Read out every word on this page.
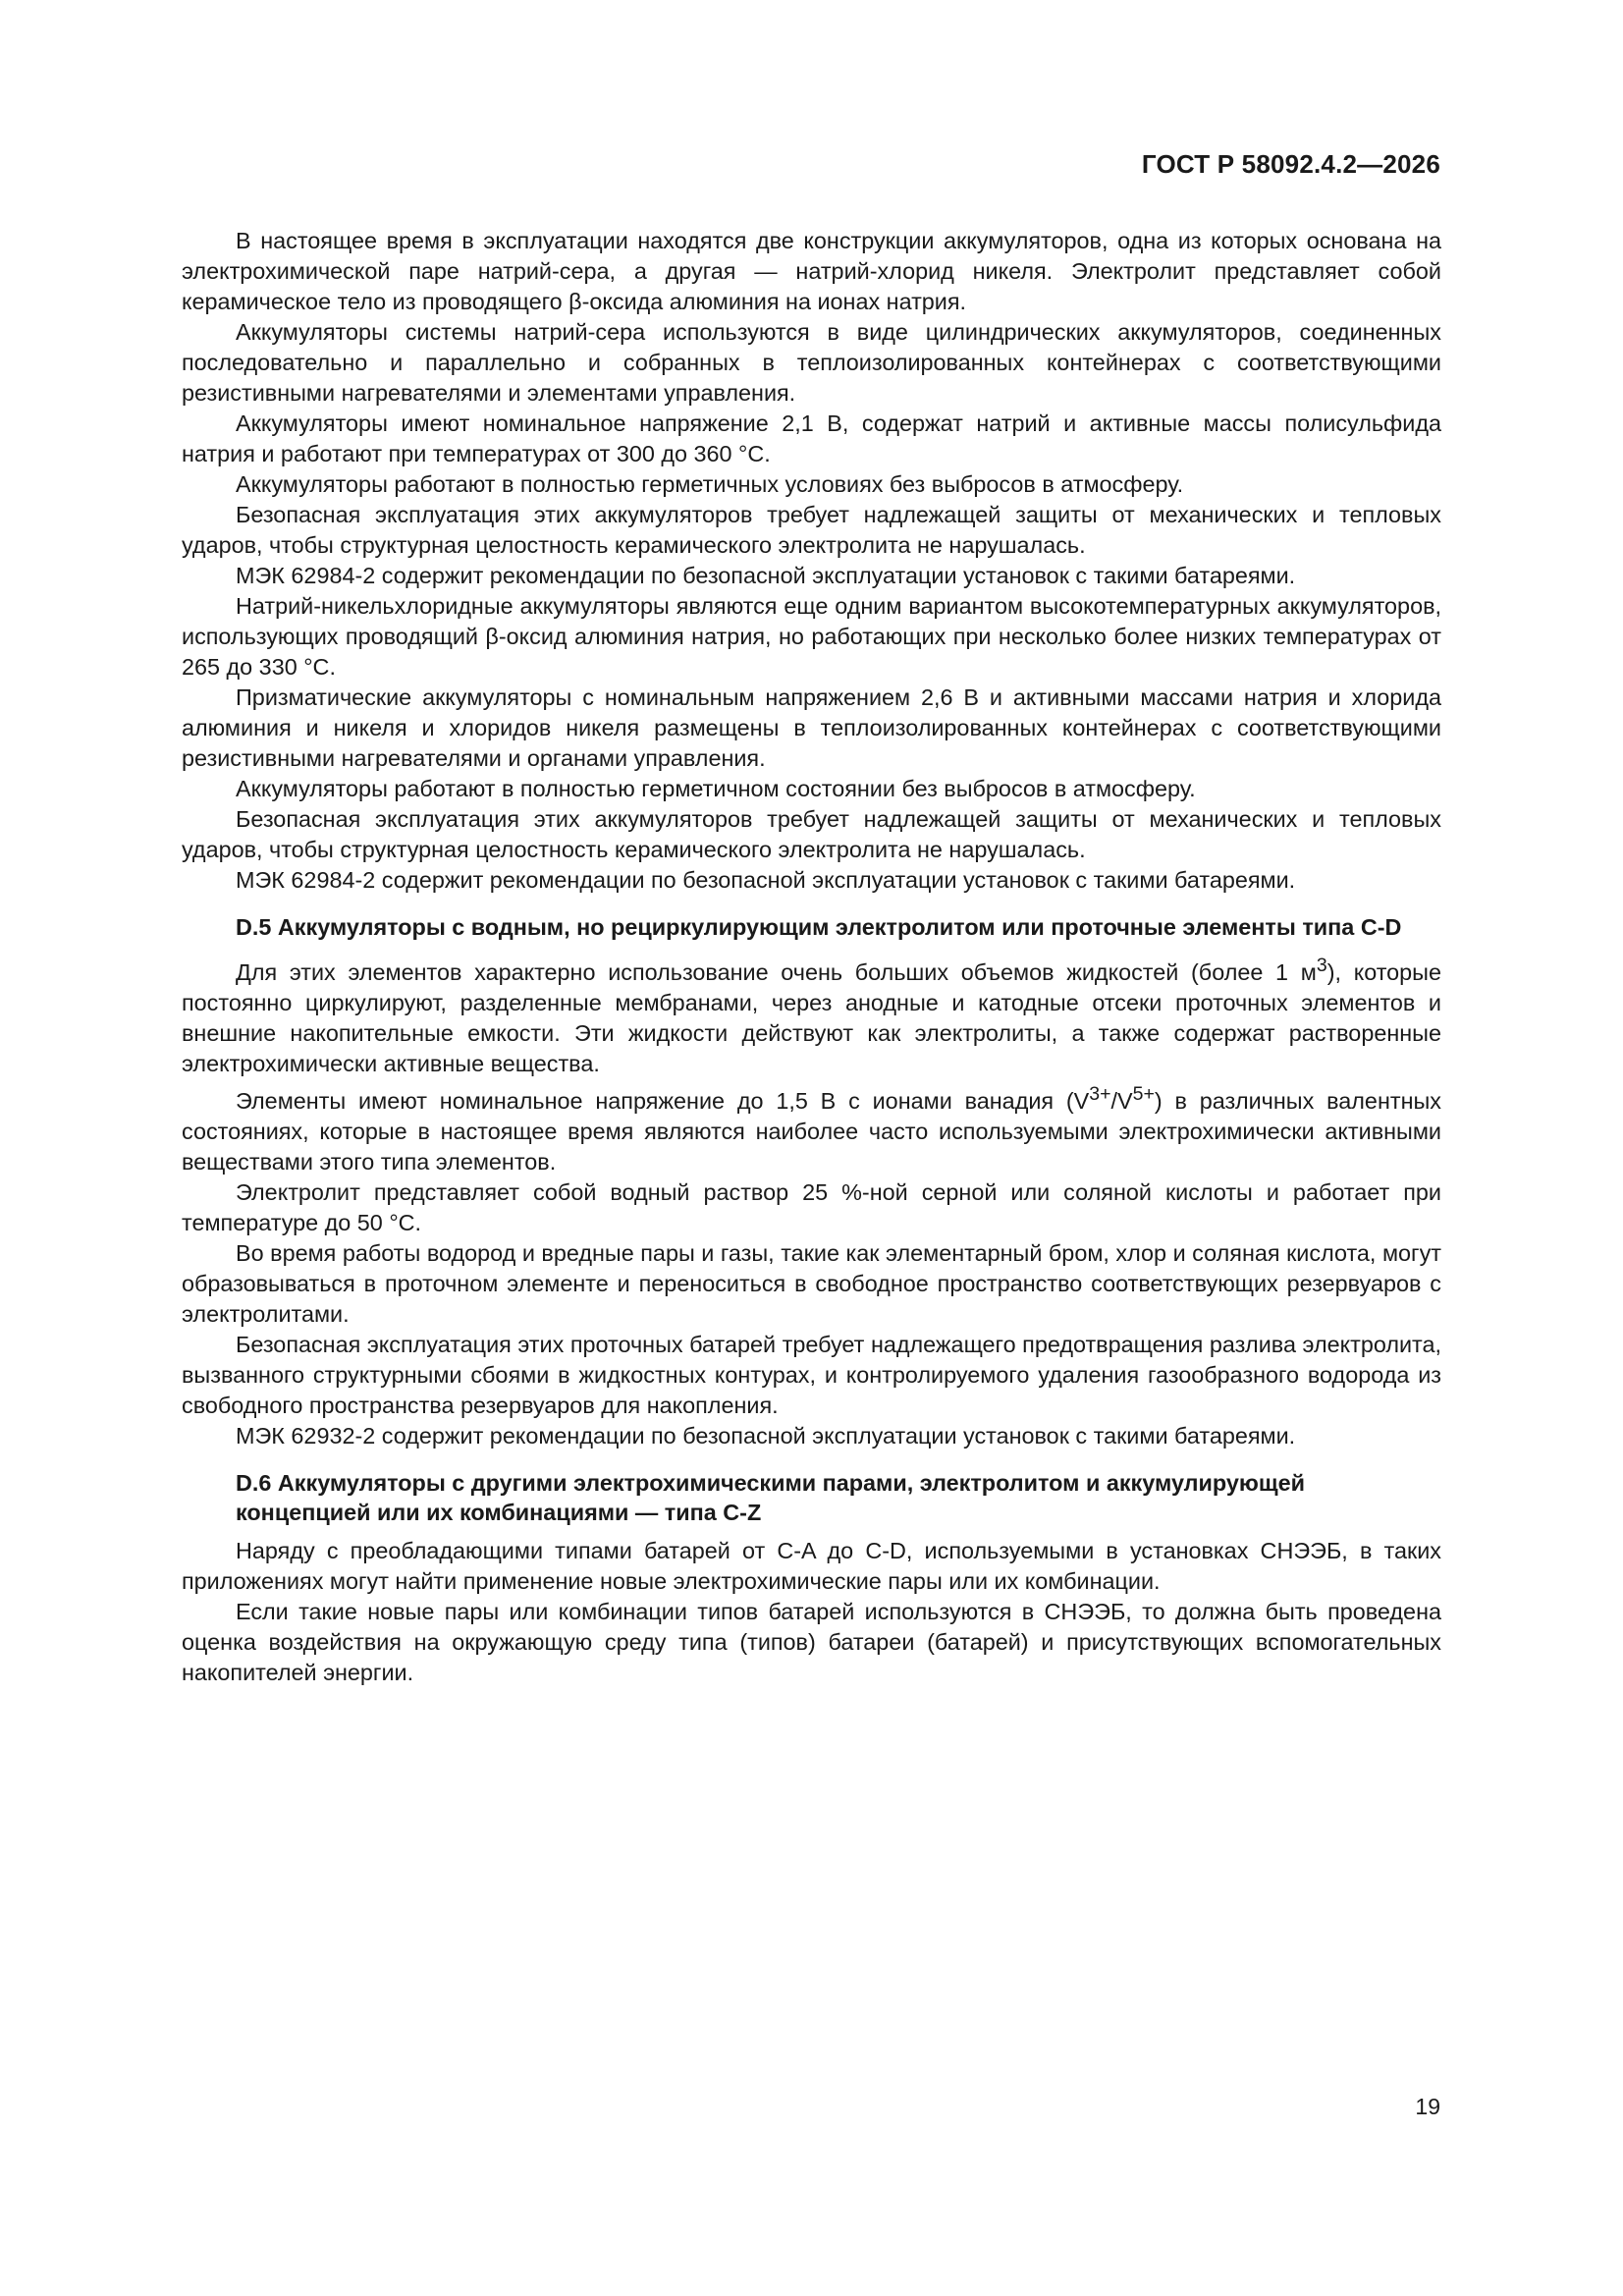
ГОСТ Р 58092.4.2—2026

В настоящее время в эксплуатации находятся две конструкции аккумуляторов, одна из которых основана на электрохимической паре натрий-сера, а другая — натрий-хлорид никеля. Электролит представляет собой керамическое тело из проводящего β-оксида алюминия на ионах натрия.

Аккумуляторы системы натрий-сера используются в виде цилиндрических аккумуляторов, соединенных последовательно и параллельно и собранных в теплоизолированных контейнерах с соответствующими резистивными нагревателями и элементами управления.

Аккумуляторы имеют номинальное напряжение 2,1 В, содержат натрий и активные массы полисульфида натрия и работают при температурах от 300 до 360 °С.

Аккумуляторы работают в полностью герметичных условиях без выбросов в атмосферу.

Безопасная эксплуатация этих аккумуляторов требует надлежащей защиты от механических и тепловых ударов, чтобы структурная целостность керамического электролита не нарушалась.

МЭК 62984-2 содержит рекомендации по безопасной эксплуатации установок с такими батареями.

Натрий-никельхлоридные аккумуляторы являются еще одним вариантом высокотемпературных аккумуляторов, использующих проводящий β-оксид алюминия натрия, но работающих при несколько более низких температурах от 265 до 330 °С.

Призматические аккумуляторы с номинальным напряжением 2,6 В и активными массами натрия и хлорида алюминия и никеля и хлоридов никеля размещены в теплоизолированных контейнерах с соответствующими резистивными нагревателями и органами управления.

Аккумуляторы работают в полностью герметичном состоянии без выбросов в атмосферу.

Безопасная эксплуатация этих аккумуляторов требует надлежащей защиты от механических и тепловых ударов, чтобы структурная целостность керамического электролита не нарушалась.

МЭК 62984-2 содержит рекомендации по безопасной эксплуатации установок с такими батареями.

D.5 Аккумуляторы с водным, но рециркулирующим электролитом или проточные элементы типа C-D

Для этих элементов характерно использование очень больших объемов жидкостей (более 1 $м^3$), которые постоянно циркулируют, разделенные мембранами, через анодные и катодные отсеки проточных элементов и внешние накопительные емкости. Эти жидкости действуют как электролиты, а также содержат растворенные электрохимически активные вещества.

Элементы имеют номинальное напряжение до 1,5 В с ионами ванадия $(V^{3+}/V^{5+})$ в различных валентных состояниях, которые в настоящее время являются наиболее часто используемыми электрохимически активными веществами этого типа элементов.

Электролит представляет собой водный раствор 25 %-ной серной или соляной кислоты и работает при температуре до 50 °С.

Во время работы водород и вредные пары и газы, такие как элементарный бром, хлор и соляная кислота, могут образовываться в проточном элементе и переноситься в свободное пространство соответствующих резервуаров с электролитами.

Безопасная эксплуатация этих проточных батарей требует надлежащего предотвращения разлива электролита, вызванного структурными сбоями в жидкостных контурах, и контролируемого удаления газообразного водорода из свободного пространства резервуаров для накопления.

МЭК 62932-2 содержит рекомендации по безопасной эксплуатации установок с такими батареями.

D.6 Аккумуляторы с другими электрохимическими парами, электролитом и аккумулирующей концепцией или их комбинациями — типа C-Z

Наряду с преобладающими типами батарей от C-A до C-D, используемыми в установках СНЭЭБ, в таких приложениях могут найти применение новые электрохимические пары или их комбинации.

Если такие новые пары или комбинации типов батарей используются в СНЭЭБ, то должна быть проведена оценка воздействия на окружающую среду типа (типов) батареи (батарей) и присутствующих вспомогательных накопителей энергии.

19
